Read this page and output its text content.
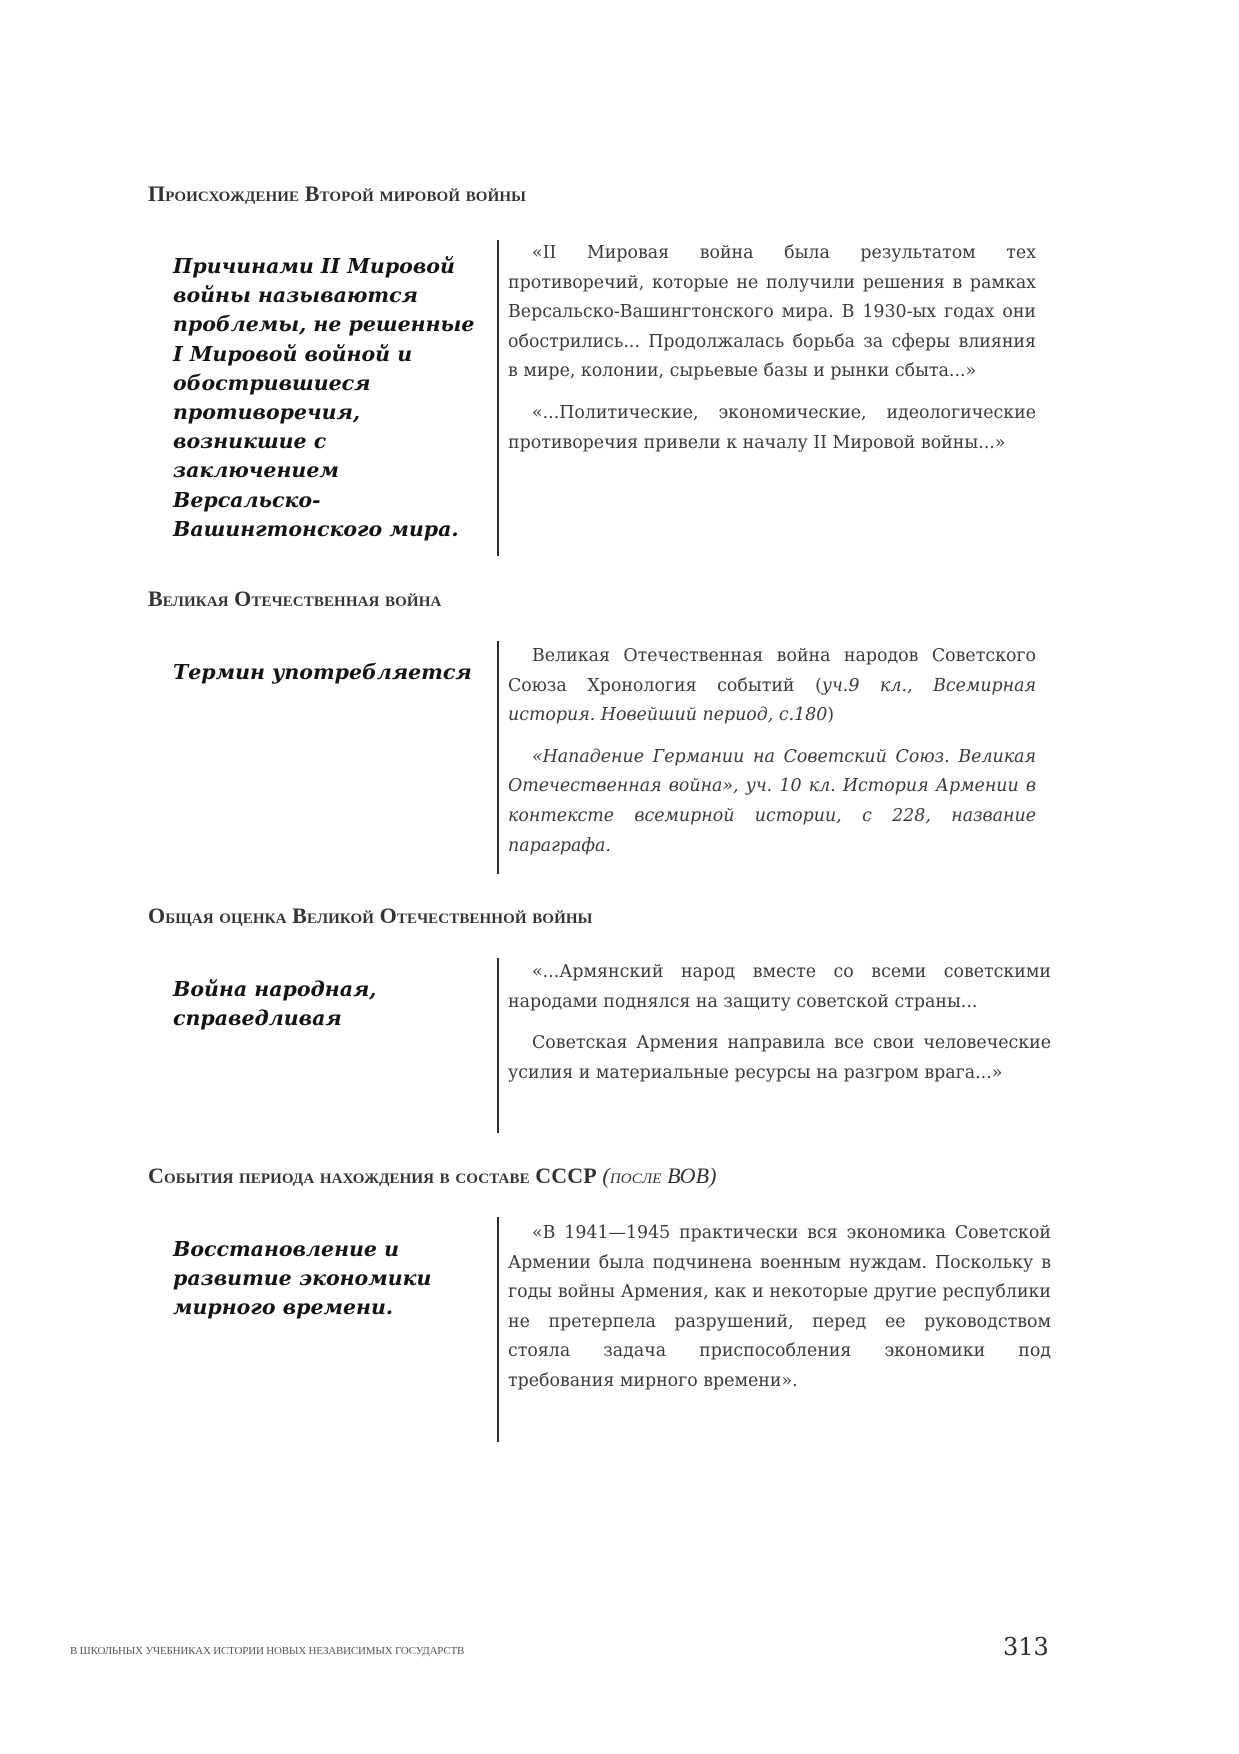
Происхождение Второй мировой войны
Причинами II Мировой войны называются проблемы, не решенные I Мировой войной и обострившиеся противоречия, возникшие с заключением Версальско-Вашингтонского мира.

«II Мировая война была результатом тех противоречий, которые не получили решения в рамках Версальско-Вашингтонского мира. В 1930-ых годах они обострились... Продолжалась борьба за сферы влияния в мире, колонии, сырьевые базы и рынки сбыта...»

«...Политические, экономические, идеологические противоречия привели к началу II Мировой войны...»

Великая Отечественная война
Термин употребляется

Великая Отечественная война народов Советского Союза Хронология событий (уч.9 кл., Всемирная история. Новейший период, с.180)

«Нападение Германии на Советский Союз. Великая Отечественная война», уч. 10 кл. История Армении в контексте всемирной истории, с 228, название параграфа.

Общая оценка Великой Отечественной войны
Война народная, справедливая

«...Армянский народ вместе со всеми советскими народами поднялся на защиту советской страны...

Советская Армения направила все свои человеческие усилия и материальные ресурсы на разгром врага...»

События периода нахождения в составе СССР (после ВОВ)
Восстановление и развитие экономики мирного времени.

«В 1941—1945 практически вся экономика Советской Армении была подчинена военным нуждам. Поскольку в годы войны Армения, как и некоторые другие республики не претерпела разрушений, перед ее руководством стояла задача приспособления экономики под требования мирного времени».

В ШКОЛЬНЫХ УЧЕБНИКАХ ИСТОРИИ НОВЫХ НЕЗАВИСИМЫХ ГОСУДАРСТВ	313
